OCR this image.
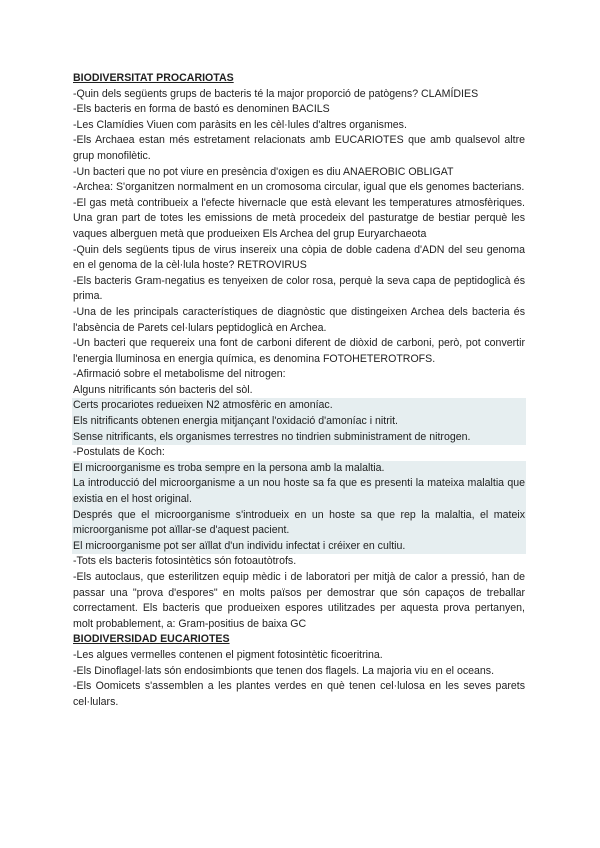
BIODIVERSITAT PROCARIOTAS

-Quin dels següents grups de bacteris té la major proporció de patògens? CLAMÍDIES

-Els bacteris en forma de bastó es denominen BACILS

-Les Clamídies Viuen com paràsits en les cèl·lules d'altres organismes.

-Els Archaea estan més estretament relacionats amb EUCARIOTES que amb qualsevol altre grup monofilètic.

-Un bacteri que no pot viure en presència d'oxigen es diu ANAEROBIC OBLIGAT

-Archea: S'organitzen normalment en un cromosoma circular, igual que els genomes bacterians.

-El gas metà contribueix a l'efecte hivernacle que està elevant les temperatures atmosfèriques. Una gran part de totes les emissions de metà procedeix del pasturatge de bestiar perquè les vaques alberguen metà que produeixen Els Archea del grup Euryarchaeota

-Quin dels següents tipus de virus insereix una còpia de doble cadena d'ADN del seu genoma en el genoma de la cèl·lula hoste? RETROVIRUS

-Els bacteris Gram-negatius es tenyeixen de color rosa, perquè la seva capa de peptidoglicà és prima.

-Una de les principals característiques de diagnòstic que distingeixen Archea dels bacteria és l'absència de Parets cel·lulars peptidoglicà en Archea.

-Un bacteri que requereix una font de carboni diferent de diòxid de carboni, però, pot convertir l'energia lluminosa en energia química, es denomina FOTOHETEROTROFS.

-Afirmació sobre el metabolisme del nitrogen:

Alguns nitrificants són bacteris del sòl.

Certs procariotes redueixen N2 atmosfèric en amoníac.

Els nitrificants obtenen energia mitjançant l'oxidació d'amoníac i nitrit.

Sense nitrificants, els organismes terrestres no tindrien subministrament de nitrogen.

-Postulats de Koch:

El microorganisme es troba sempre en la persona amb la malaltia.

La introducció del microorganisme a un nou hoste sa fa que es presenti la mateixa malaltia que existia en el host original.

Després que el microorganisme s'introdueix en un hoste sa que rep la malaltia, el mateix microorganisme pot aïllar-se d'aquest pacient.

El microorganisme pot ser aïllat d'un individu infectat i créixer en cultiu.

-Tots els bacteris fotosintètics són fotoautòtrofs.

-Els autoclaus, que esterilitzen equip mèdic i de laboratori per mitjà de calor a pressió, han de passar una "prova d'espores" en molts països per demostrar que són capaços de treballar correctament. Els bacteris que produeixen espores utilitzades per aquesta prova pertanyen, molt probablement, a: Gram-positius de baixa GC

BIODIVERSIDAD EUCARIOTES

-Les algues vermelles contenen el pigment fotosintètic ficoeritrina.

-Els Dinoflagel·lats són endosimbionts que tenen dos flagels. La majoria viu en el oceans.

-Els Oomicets s'assemblen a les plantes verdes en què tenen cel·lulosa en les seves parets cel·lulars.
